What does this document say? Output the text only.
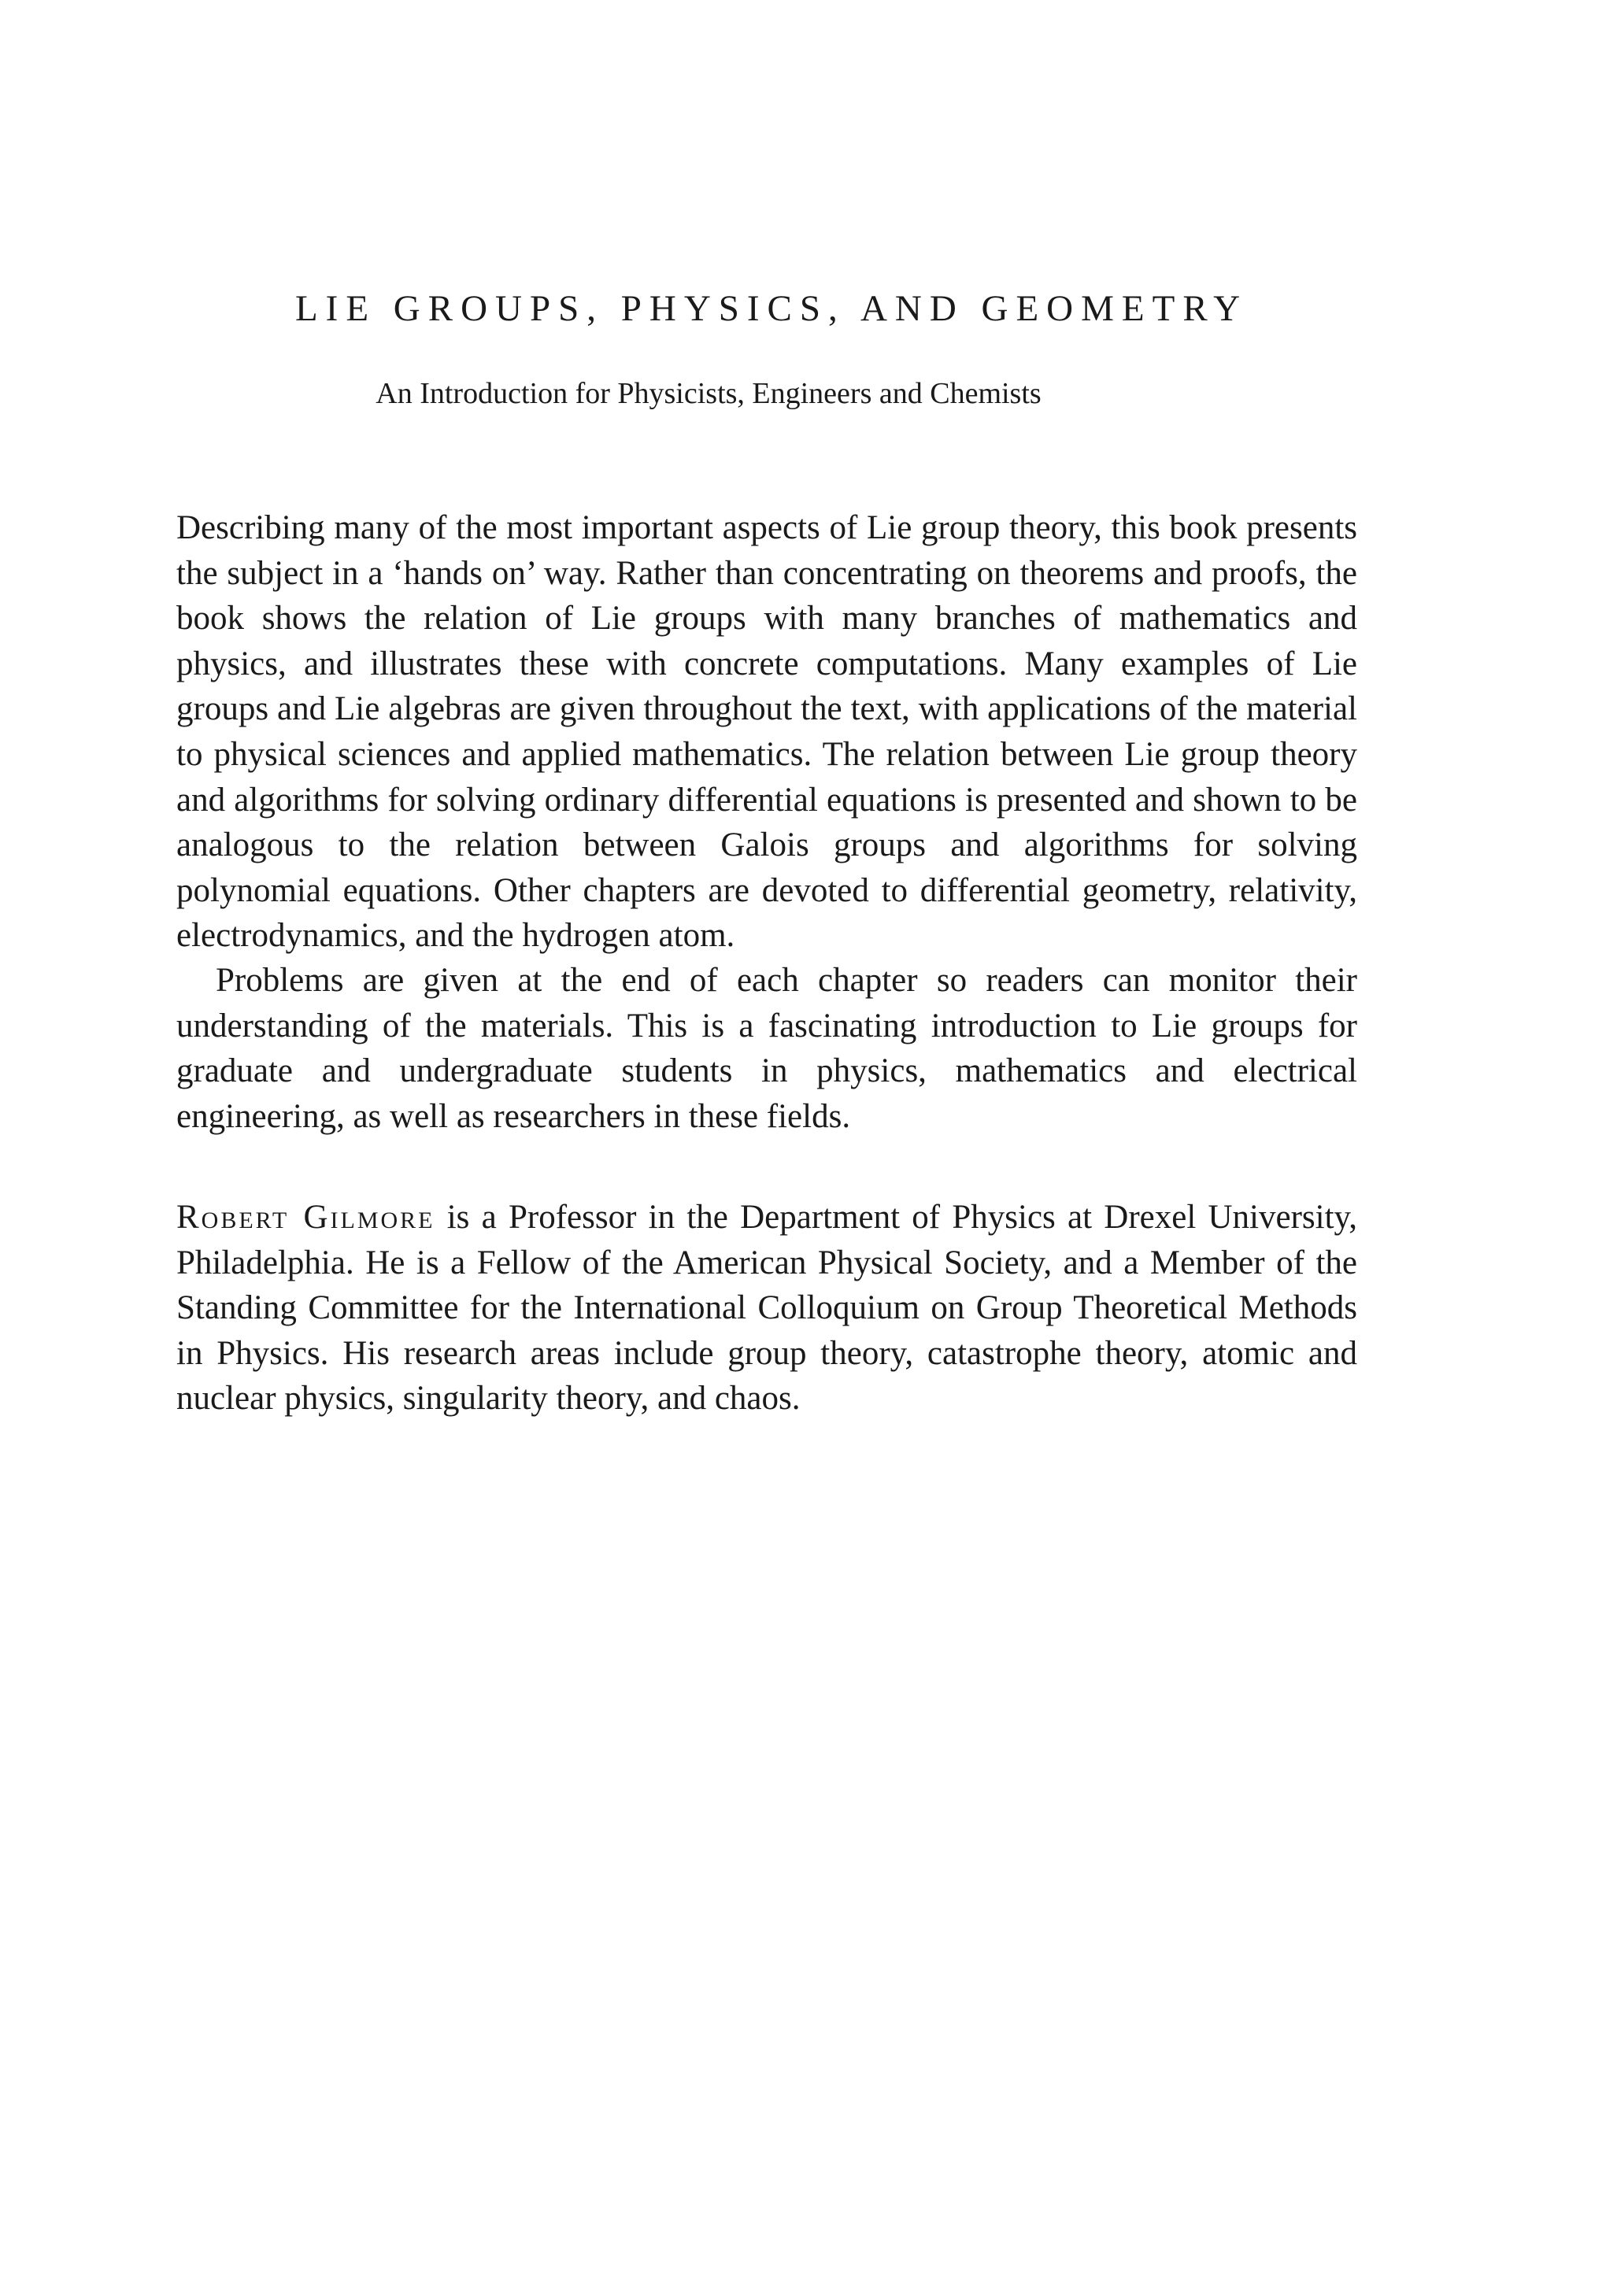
LIE GROUPS, PHYSICS, AND GEOMETRY

An Introduction for Physicists, Engineers and Chemists

Describing many of the most important aspects of Lie group theory, this book presents the subject in a ‘hands on’ way. Rather than concentrating on theorems and proofs, the book shows the relation of Lie groups with many branches of mathematics and physics, and illustrates these with concrete computations. Many examples of Lie groups and Lie algebras are given throughout the text, with applications of the material to physical sciences and applied mathematics. The relation between Lie group theory and algorithms for solving ordinary differential equations is presented and shown to be analogous to the relation between Galois groups and algorithms for solving polynomial equations. Other chapters are devoted to differential geometry, relativity, electrodynamics, and the hydrogen atom.

Problems are given at the end of each chapter so readers can monitor their understanding of the materials. This is a fascinating introduction to Lie groups for graduate and undergraduate students in physics, mathematics and electrical engineering, as well as researchers in these fields.

Robert Gilmore is a Professor in the Department of Physics at Drexel University, Philadelphia. He is a Fellow of the American Physical Society, and a Member of the Standing Committee for the International Colloquium on Group Theoretical Methods in Physics. His research areas include group theory, catastrophe theory, atomic and nuclear physics, singularity theory, and chaos.
